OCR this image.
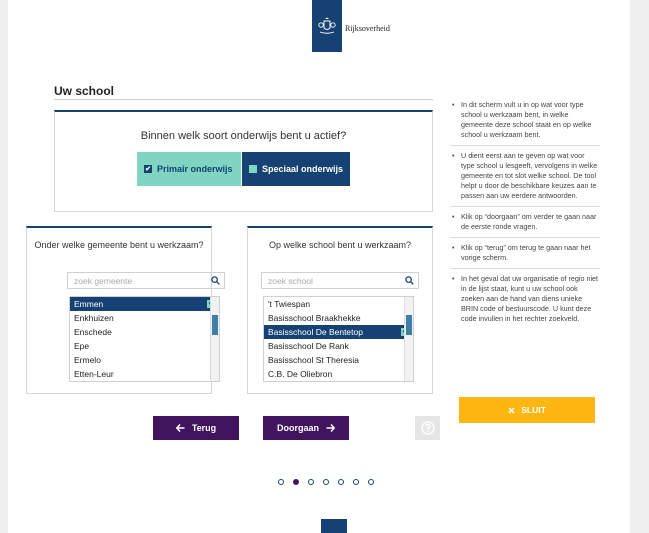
Rijksoverheid
Uw school
Binnen welk soort onderwijs bent u actief?
✔ Primair onderwijs	Speciaal onderwijs
Onder welke gemeente bent u werkzaam?
zoek gemeente
Emmen
Enkhuizen
Enschede
Epe
Ermelo
Etten-Leur
Op welke school bent u werkzaam?
zoek school
't Twiespan
Basisschool Braakhekke
Basisschool De Bentetop
Basisschool De Rank
Basisschool St Theresia
C.B. De Oliebron
Terug	Doorgaan
• In dit scherm vult u in op wat voor type school u werkzaam bent, in welke gemeente deze school staat en op welke school u werkzaam bent.
• U dient eerst aan te geven op wat voor type school u lesgeeft, vervolgens in welke gemeente en tot slot welke school. De tool helpt u door de beschikbare keuzes aan te passen aan uw eerdere antwoorden.
• Klik op “doorgaan” om verder te gaan naar de eerste ronde vragen.
• Klik op “terug” om terug te gaan naar het vorige scherm.
• In het geval dat uw organisatie of regio niet in de lijst staat, kunt u uw school ook zoeken aan de hand van diens unieke BRIN code of bestuurscode. U kunt deze code invullen in het rechter zoekveld.
SLUIT
